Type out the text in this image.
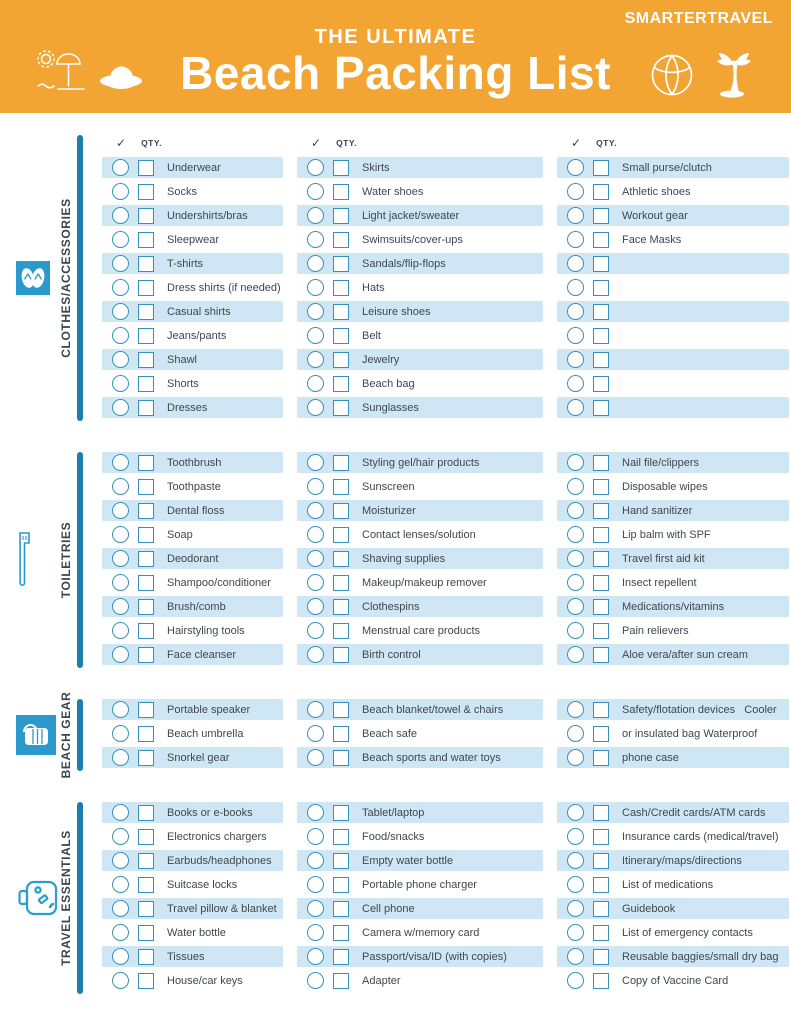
SMARTERTRAVEL
THE ULTIMATE
Beach Packing List
CLOTHES/ACCESSORIES
✓ QTY.
Underwear
Socks
Undershirts/bras
Sleepwear
T-shirts
Dress shirts (if needed)
Casual shirts
Jeans/pants
Shawl
Shorts
Dresses
✓ QTY.
Skirts
Water shoes
Light jacket/sweater
Swimsuits/cover-ups
Sandals/flip-flops
Hats
Leisure shoes
Belt
Jewelry
Beach bag
Sunglasses
✓ QTY.
Small purse/clutch
Athletic shoes
Workout gear
Face Masks
TOILETRIES
Toothbrush
Toothpaste
Dental floss
Soap
Deodorant
Shampoo/conditioner
Brush/comb
Hairstyling tools
Face cleanser
Styling gel/hair products
Sunscreen
Moisturizer
Contact lenses/solution
Shaving supplies
Makeup/makeup remover
Clothespins
Menstrual care products
Birth control
Nail file/clippers
Disposable wipes
Hand sanitizer
Lip balm with SPF
Travel first aid kit
Insect repellent
Medications/vitamins
Pain relievers
Aloe vera/after sun cream
BEACH GEAR	Portable speaker
Beach umbrella
Snorkel gear
Beach blanket/towel & chairs
Beach safe
Beach sports and water toys
Safety/flotation devices   Cooler
or insulated bag Waterproof
phone case
TRAVEL ESSENTIALS
Books or e-books
Electronics chargers
Earbuds/headphones
Suitcase locks
Travel pillow & blanket
Water bottle
Tissues
House/car keys
Tablet/laptop
Food/snacks
Empty water bottle
Portable phone charger
Cell phone
Camera w/memory card
Passport/visa/ID (with copies)
Adapter
Cash/Credit cards/ATM cards
Insurance cards (medical/travel)
Itinerary/maps/directions
List of medications
Guidebook
List of emergency contacts
Reusable baggies/small dry bag
Copy of Vaccine Card
